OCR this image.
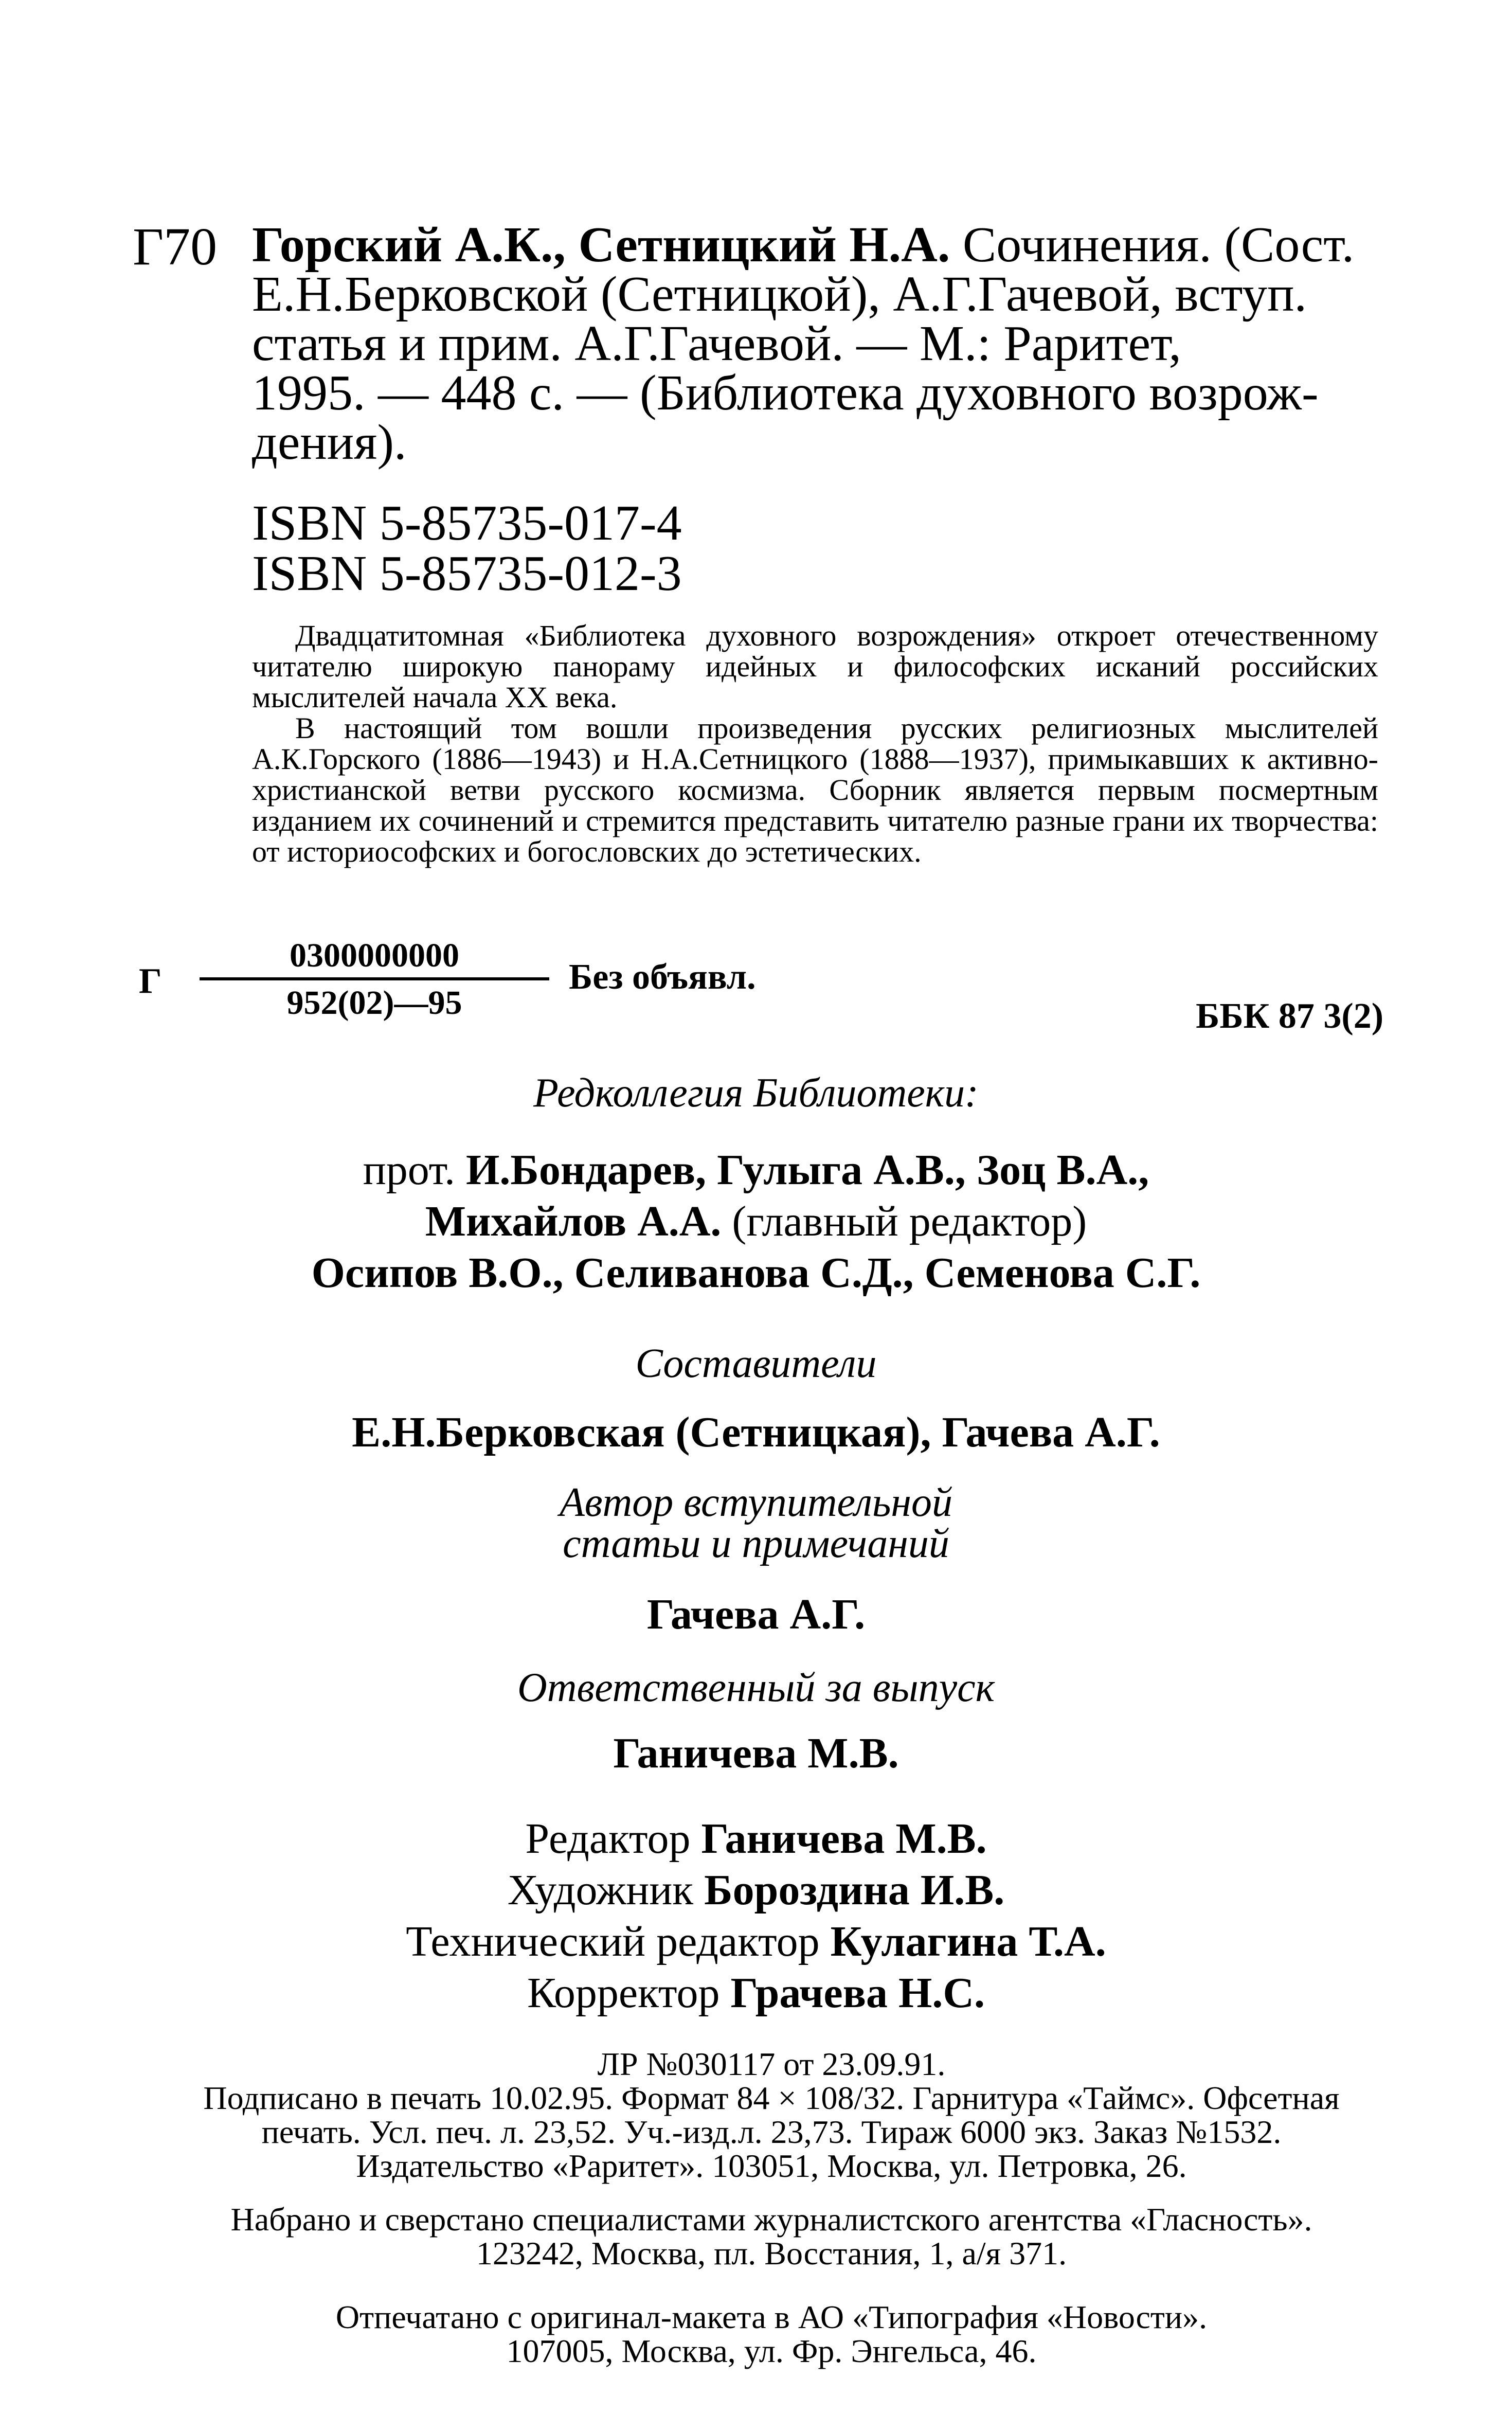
Г70 Горский А.К., Сетницкий Н.А. Сочинения. (Сост.
Е.Н.Берковской (Сетницкой), А.Г.Гачевой, вступ.
статья и прим. А.Г.Гачевой. — М.: Раритет,
1995. — 448 с. — (Библиотека духовного возрож-
дения).
ISBN 5-85735-017-4
ISBN 5-85735-012-3

Двадцатитомная «Библиотека духовного возрождения» откроет отечественному читателю широкую панораму идейных и философских исканий российских мыслителей начала XX века.

В настоящий том вошли произведения русских религиозных мыслителей А.К.Горского (1886—1943) и Н.А.Сетницкого (1888—1937), примыкавших к активно-христианской ветви русского космизма. Сборник является первым посмертным изданием их сочинений и стремится представить читателю разные грани их творчества: от историософских и богословских до эстетических.

Г
0300000000
952(02)—95
Без объявл.
ББК 87 3(2)
Редколлегия Библиотеки:
прот. И.Бондарев, Гулыга А.В., Зоц В.А.,
Михайлов А.А. (главный редактор)
Осипов В.О., Селиванова С.Д., Семенова С.Г.
Составители
Е.Н.Берковская (Сетницкая), Гачева А.Г.
Автор вступительной
статьи и примечаний
Гачева А.Г.
Ответственный за выпуск
Ганичева М.В.
Редактор Ганичева М.В.
Художник Бороздина И.В.
Технический редактор Кулагина Т.А.
Корректор Грачева Н.С.
ЛР №030117 от 23.09.91.
Подписано в печать 10.02.95. Формат 84 × 108/32. Гарнитура «Таймс». Офсетная
печать. Усл. печ. л. 23,52. Уч.-изд.л. 23,73. Тираж 6000 экз. Заказ №1532.
Издательство «Раритет». 103051, Москва, ул. Петровка, 26.
Набрано и сверстано специалистами журналистского агентства «Гласность».
123242, Москва, пл. Восстания, 1, а/я 371.
Отпечатано с оригинал-макета в АО «Типография «Новости».
107005, Москва, ул. Фр. Энгельса, 46.
